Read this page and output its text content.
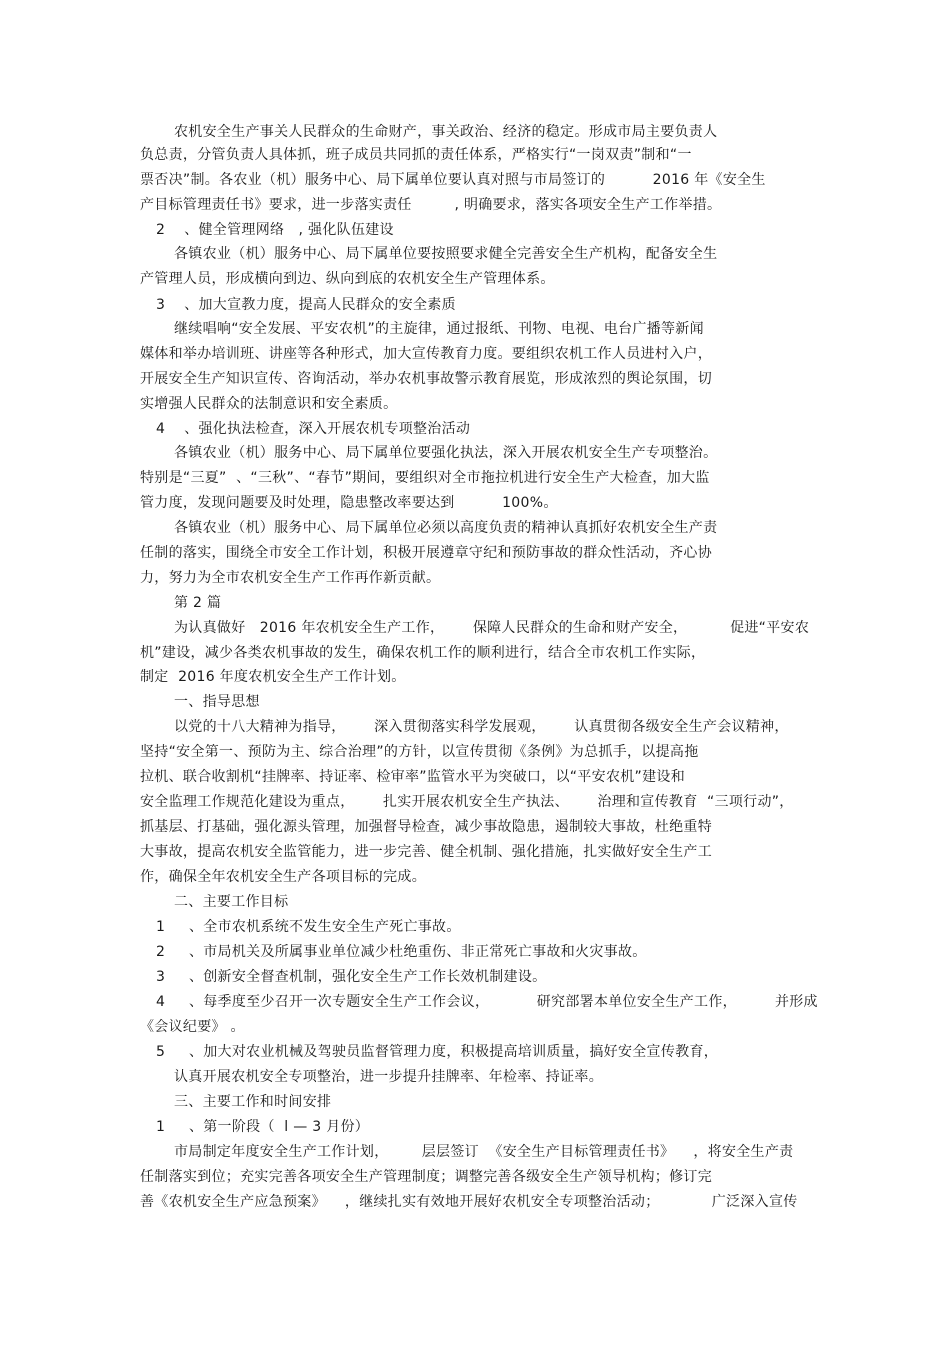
农机安全生产事关人民群众的生命财产，事关政治、经济的稳定。形成市局主要负责人
负总责，分管负责人具体抓，班子成员共同抓的责任体系，严格实行“一岗双责”制和“一
票否决”制。各农业（机）服务中心、局下属单位要认真对照与市局签订的          2016 年《安全生
产目标管理责任书》要求，进一步落实责任         , 明确要求，落实各项安全生产工作举措。
2    、健全管理网络   , 强化队伍建设
各镇农业（机）服务中心、局下属单位要按照要求健全完善安全生产机构，配备安全生
产管理人员，形成横向到边、纵向到底的农机安全生产管理体系。
3    、加大宣教力度，提高人民群众的安全素质
继续唱响“安全发展、平安农机”的主旋律，通过报纸、刊物、电视、电台广播等新闻
媒体和举办培训班、讲座等各种形式，加大宣传教育力度。要组织农机工作人员进村入户，
开展安全生产知识宣传、咨询活动，举办农机事故警示教育展览，形成浓烈的舆论氛围，切
实增强人民群众的法制意识和安全素质。
4    、强化执法检查，深入开展农机专项整治活动
各镇农业（机）服务中心、局下属单位要强化执法，深入开展农机安全生产专项整治。
特别是“三夏”  、“三秋”、“春节”期间，要组织对全市拖拉机进行安全生产大检查，加大监
管力度，发现问题要及时处理，隐患整改率要达到          100%。
各镇农业（机）服务中心、局下属单位必须以高度负责的精神认真抓好农机安全生产责
任制的落实，围绕全市安全工作计划，积极开展遵章守纪和预防事故的群众性活动，齐心协
力，努力为全市农机安全生产工作再作新贡献。
第 2 篇
为认真做好   2016 年农机安全生产工作，      保障人民群众的生命和财产安全，         促进“平安农
机”建设，减少各类农机事故的发生，确保农机工作的顺利进行，结合全市农机工作实际，
制定  2016 年度农机安全生产工作计划。
一、指导思想
以党的十八大精神为指导，      深入贯彻落实科学发展观，      认真贯彻各级安全生产会议精神，
坚持“安全第一、预防为主、综合治理”的方针，以宣传贯彻《条例》为总抓手，以提高拖
拉机、联合收割机“挂牌率、持证率、检审率”监管水平为突破口，以“平安农机”建设和
安全监理工作规范化建设为重点，      扎实开展农机安全生产执法、      治理和宣传教育  “三项行动”，
抓基层、打基础，强化源头管理，加强督导检查，减少事故隐患，遏制较大事故，杜绝重特
大事故，提高农机安全监管能力，进一步完善、健全机制、强化措施，扎实做好安全生产工
作，确保全年农机安全生产各项目标的完成。
二、主要工作目标
1     、全市农机系统不发生安全生产死亡事故。
2     、市局机关及所属事业单位减少杜绝重伤、非正常死亡事故和火灾事故。
3     、创新安全督查机制，强化安全生产工作长效机制建设。
4     、每季度至少召开一次专题安全生产工作会议，          研究部署本单位安全生产工作，        并形成
《会议纪要》 。
5     、加大对农业机械及驾驶员监督管理力度，积极提高培训质量，搞好安全宣传教育，
认真开展农机安全专项整治，进一步提升挂牌率、年检率、持证率。
三、主要工作和时间安排
1     、第一阶段（  l — 3 月份）
市局制定年度安全生产工作计划，       层层签订  《安全生产目标管理责任书》    ，将安全生产责
任制落实到位；充实完善各项安全生产管理制度；调整完善各级安全生产领导机构；修订完
善《农机安全生产应急预案》    ，继续扎实有效地开展好农机安全专项整治活动；           广泛深入宣传
